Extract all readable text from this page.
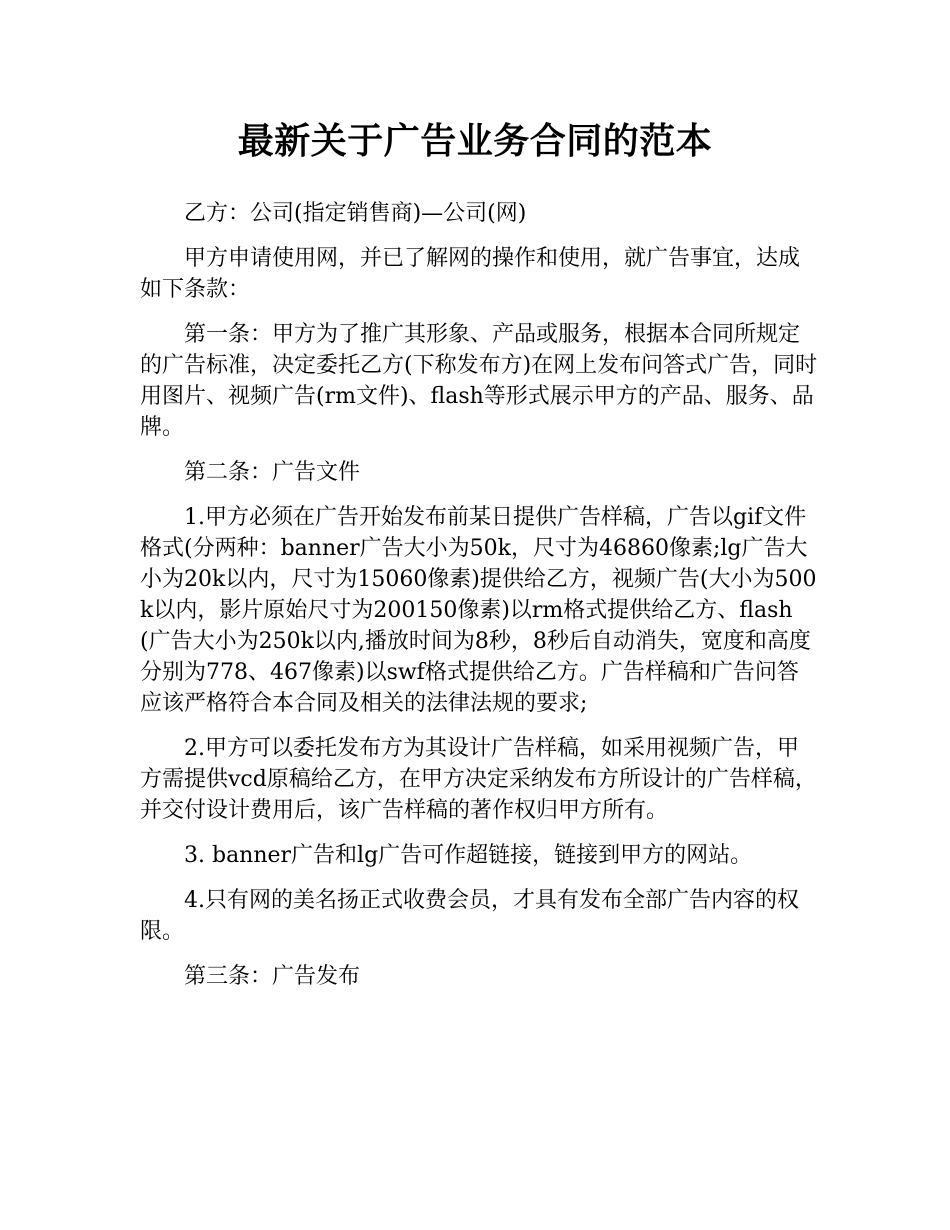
最新关于广告业务合同的范本

乙方：公司(指定销售商)—公司(网)

甲方申请使用网，并已了解网的操作和使用，就广告事宜，达成如下条款：

第一条：甲方为了推广其形象、产品或服务，根据本合同所规定的广告标准，决定委托乙方(下称发布方)在网上发布问答式广告，同时用图片、视频广告(rm文件)、flash等形式展示甲方的产品、服务、品牌。

第二条：广告文件

1.甲方必须在广告开始发布前某日提供广告样稿，广告以gif文件格式(分两种：banner广告大小为50k，尺寸为46860像素;lg广告大小为20k以内，尺寸为15060像素)提供给乙方，视频广告(大小为500k以内，影片原始尺寸为200150像素)以rm格式提供给乙方、flash(广告大小为250k以内,播放时间为8秒，8秒后自动消失，宽度和高度分别为778、467像素)以swf格式提供给乙方。广告样稿和广告问答应该严格符合本合同及相关的法律法规的要求;

2.甲方可以委托发布方为其设计广告样稿，如采用视频广告，甲方需提供vcd原稿给乙方，在甲方决定采纳发布方所设计的广告样稿，并交付设计费用后，该广告样稿的著作权归甲方所有。

3. banner广告和lg广告可作超链接，链接到甲方的网站。

4.只有网的美名扬正式收费会员，才具有发布全部广告内容的权限。

第三条：广告发布
